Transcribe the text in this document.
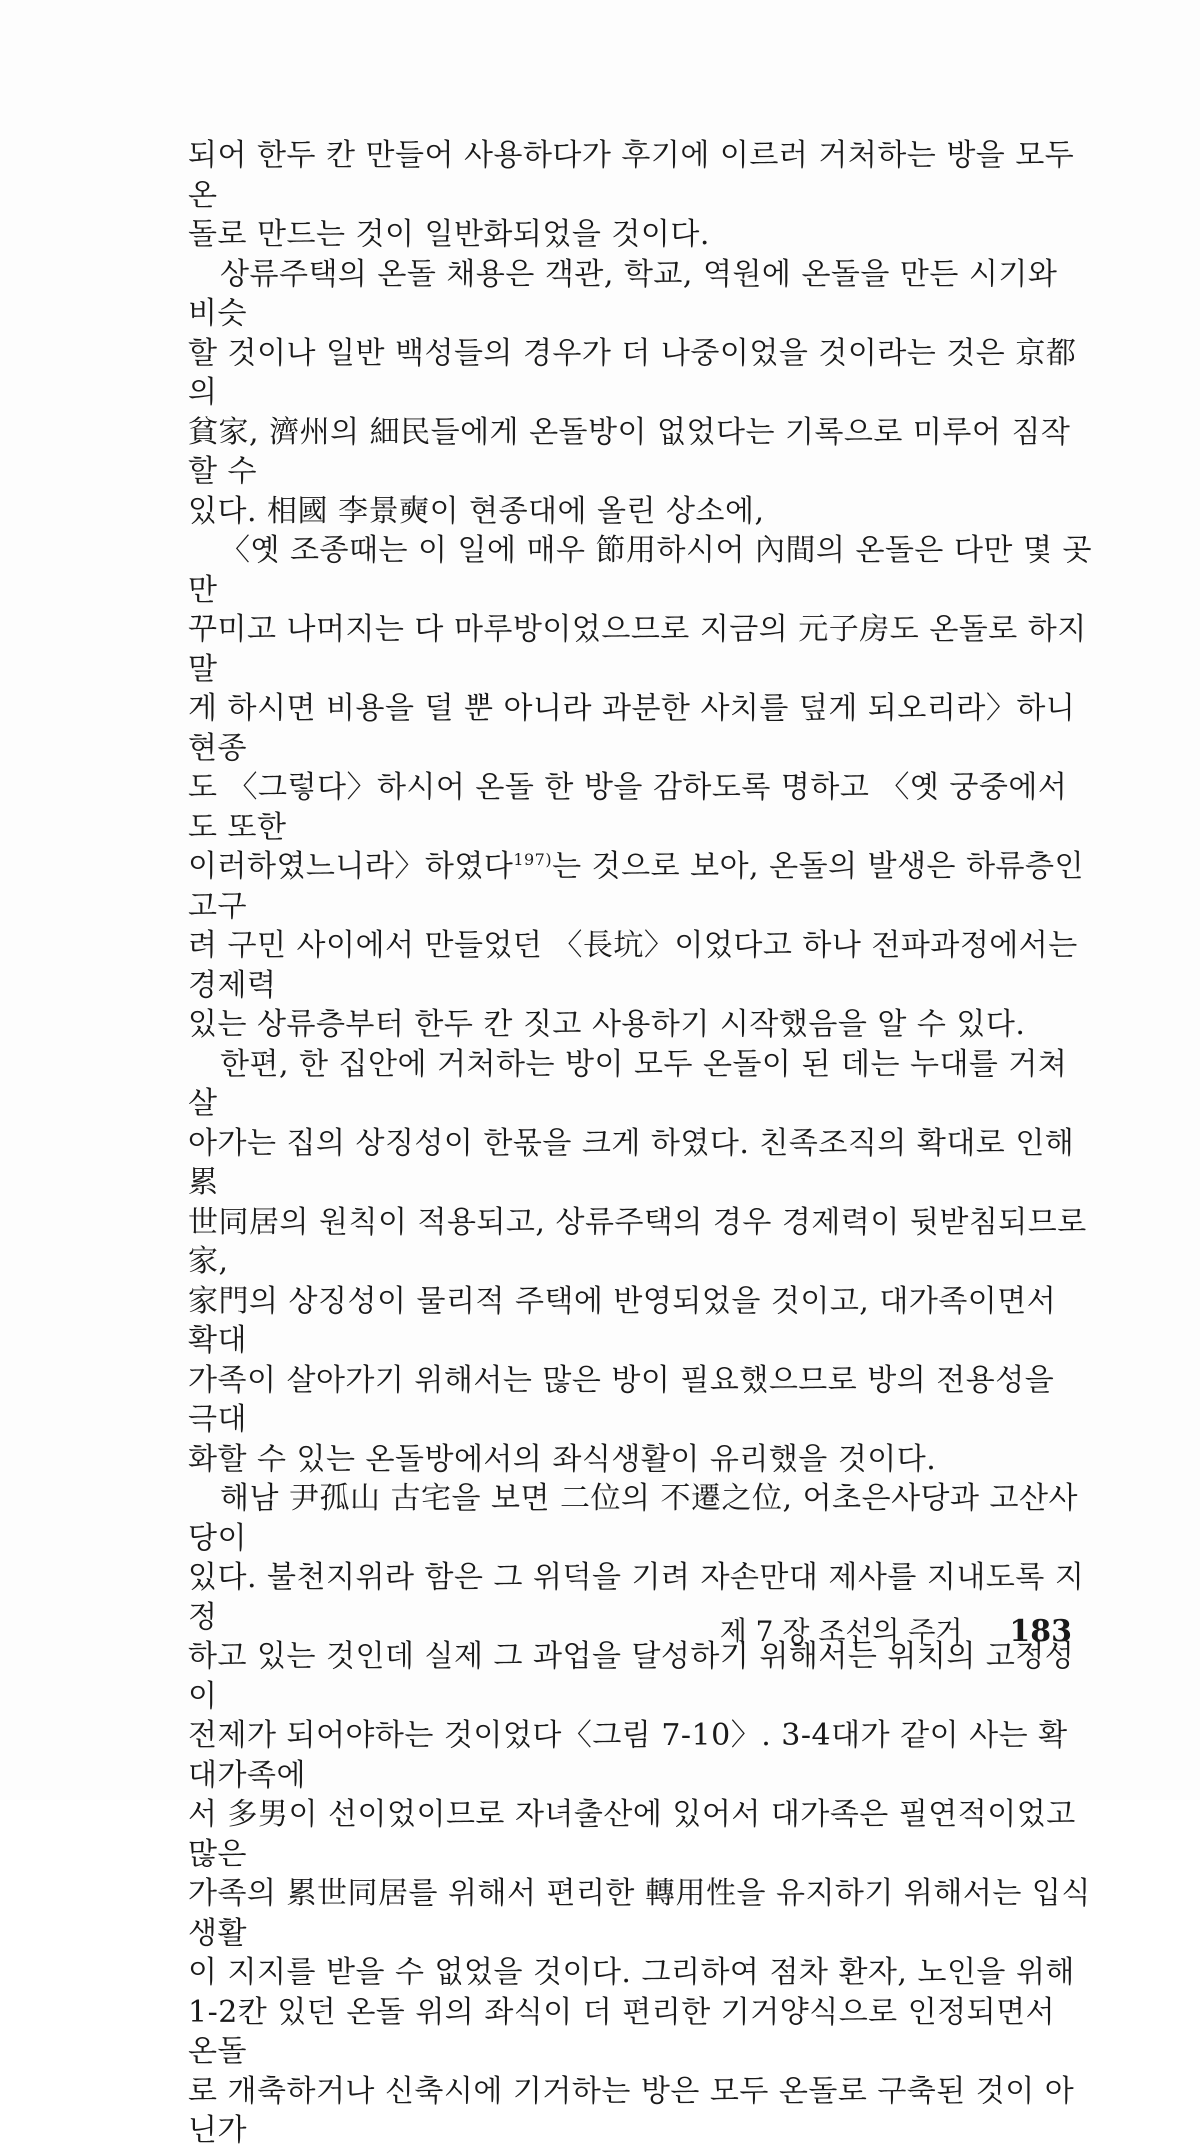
되어 한두 칸 만들어 사용하다가 후기에 이르러 거처하는 방을 모두 온
돌로 만드는 것이 일반화되었을 것이다.

상류주택의 온돌 채용은 객관, 학교, 역원에 온돌을 만든 시기와 비슷
할 것이나 일반 백성들의 경우가 더 나중이었을 것이라는 것은 京都의
貧家, 濟州의 細民들에게 온돌방이 없었다는 기록으로 미루어 짐작할 수
있다. 相國 李景奭이 현종대에 올린 상소에,

〈옛 조종때는 이 일에 매우 節用하시어 內間의 온돌은 다만 몇 곳만
꾸미고 나머지는 다 마루방이었으므로 지금의 元子房도 온돌로 하지 말
게 하시면 비용을 덜 뿐 아니라 과분한 사치를 덮게 되오리라〉하니 현종
도 〈그렇다〉하시어 온돌 한 방을 감하도록 명하고 〈옛 궁중에서도 또한
이러하였느니라〉하였다$^{197)}$는 것으로 보아, 온돌의 발생은 하류층인 고구
려 구민 사이에서 만들었던 〈長坑〉이었다고 하나 전파과정에서는 경제력
있는 상류층부터 한두 칸 짓고 사용하기 시작했음을 알 수 있다.

한편, 한 집안에 거처하는 방이 모두 온돌이 된 데는 누대를 거쳐 살
아가는 집의 상징성이 한몫을 크게 하였다. 친족조직의 확대로 인해 累
世同居의 원칙이 적용되고, 상류주택의 경우 경제력이 뒷받침되므로 家,
家門의 상징성이 물리적 주택에 반영되었을 것이고, 대가족이면서 확대
가족이 살아가기 위해서는 많은 방이 필요했으므로 방의 전용성을 극대
화할 수 있는 온돌방에서의 좌식생활이 유리했을 것이다.

해남 尹孤山 古宅을 보면 二位의 不遷之位, 어초은사당과 고산사당이
있다. 불천지위라 함은 그 위덕을 기려 자손만대 제사를 지내도록 지정
하고 있는 것인데 실제 그 과업을 달성하기 위해서는 위치의 고정성이
전제가 되어야하는 것이었다〈그림 7-10〉. 3-4대가 같이 사는 확대가족에
서 多男이 선이었이므로 자녀출산에 있어서 대가족은 필연적이었고 많은
가족의 累世同居를 위해서 편리한 轉用性을 유지하기 위해서는 입식생활
이 지지를 받을 수 없었을 것이다. 그리하여 점차 환자, 노인을 위해
1-2칸 있던 온돌 위의 좌식이 더 편리한 기거양식으로 인정되면서 온돌
로 개축하거나 신축시에 기거하는 방은 모두 온돌로 구축된 것이 아닌가

제 7 장 조선의 주거 183
